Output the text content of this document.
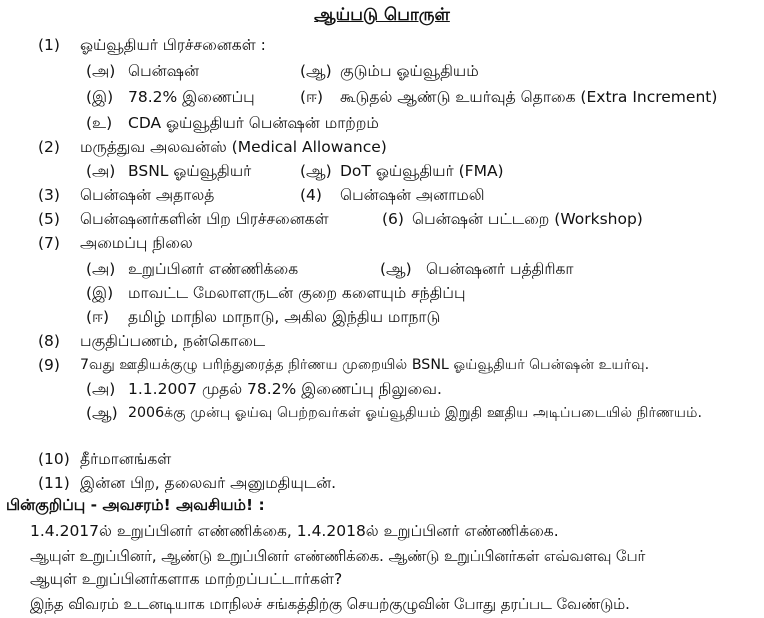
ஆய்படு பொருள்
(1) ஓய்வூதியர் பிரச்சனைகள் :
(அ) பென்ஷன்	(ஆ) குடும்ப ஓய்வூதியம்
(இ) 78.2% இணைப்பு	(ஈ) கூடுதல் ஆண்டு உயர்வுத் தொகை (Extra Increment)
(உ) CDA ஓய்வூதியர் பென்ஷன் மாற்றம்
(2) மருத்துவ அலவன்ஸ் (Medical Allowance)
(அ) BSNL ஓய்வூதியர்	(ஆ) DoT ஓய்வூதியர் (FMA)
(3) பென்ஷன் அதாலத்	(4) பென்ஷன் அனாமலி
(5) பென்ஷனர்களின் பிற பிரச்சனைகள்	(6) பென்ஷன் பட்டறை (Workshop)
(7) அமைப்பு நிலை
(அ) உறுப்பினர் எண்ணிக்கை	(ஆ) பென்ஷனர் பத்திரிகா
(இ) மாவட்ட மேலாளருடன் குறை களையும் சந்திப்பு
(ஈ) தமிழ் மாநில மாநாடு, அகில இந்திய மாநாடு
(8) பகுதிப்பணம், நன்கொடை
(9) 7வது ஊதியக்குழு பரிந்துரைத்த நிர்ணய முறையில் BSNL ஓய்வூதியர் பென்ஷன் உயர்வு.
(அ) 1.1.2007 முதல் 78.2% இணைப்பு நிலுவை.
(ஆ) 2006க்கு முன்பு ஓய்வு பெற்றவர்கள் ஓய்வூதியம் இறுதி ஊதிய அடிப்படையில் நிர்ணயம்.
(10) தீர்மானங்கள்
(11) இன்ன பிற, தலைவர் அனுமதியுடன்.
பின்குறிப்பு - அவசரம்! அவசியம்! :
1.4.2017ல் உறுப்பினர் எண்ணிக்கை, 1.4.2018ல் உறுப்பினர் எண்ணிக்கை.
ஆயுள் உறுப்பினர், ஆண்டு உறுப்பினர் எண்ணிக்கை. ஆண்டு உறுப்பினர்கள் எவ்வளவு பேர்
ஆயுள் உறுப்பினர்களாக மாற்றப்பட்டார்கள்?
இந்த விவரம் உடனடியாக மாநிலச் சங்கத்திற்கு செயற்குழுவின் போது தரப்பட வேண்டும்.
